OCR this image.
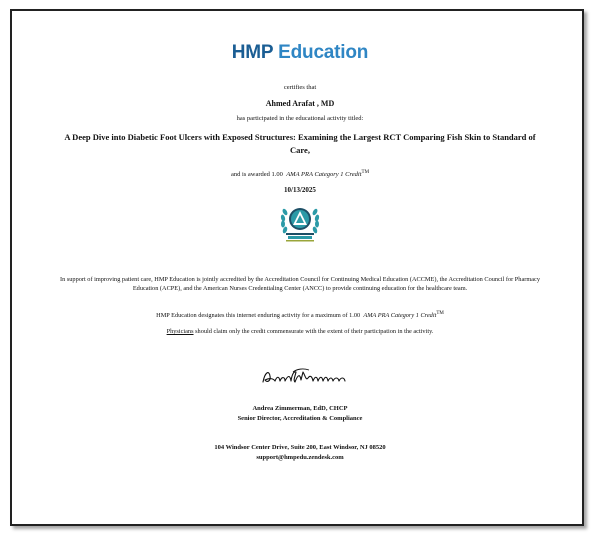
HMP Education
certifies that
Ahmed Arafat , MD
has participated in the educational activity titled:
A Deep Dive into Diabetic Foot Ulcers with Exposed Structures: Examining the Largest RCT Comparing Fish Skin to Standard of Care,
and is awarded 1.00 AMA PRA Category 1 Credit™
10/13/2025
In support of improving patient care, HMP Education is jointly accredited by the Accreditation Council for Continuing Medical Education (ACCME), the Accreditation Council for Pharmacy Education (ACPE), and the American Nurses Credentialing Center (ANCC) to provide continuing education for the healthcare team.
HMP Education designates this internet enduring activity for a maximum of 1.00 AMA PRA Category 1 Credit™
Physicians should claim only the credit commensurate with the extent of their participation in the activity.
Andrea Zimmerman, EdD, CHCP
Senior Director, Accreditation & Compliance
104 Windsor Center Drive, Suite 200, East Windsor, NJ 08520
support@hmpedu.zendesk.com
